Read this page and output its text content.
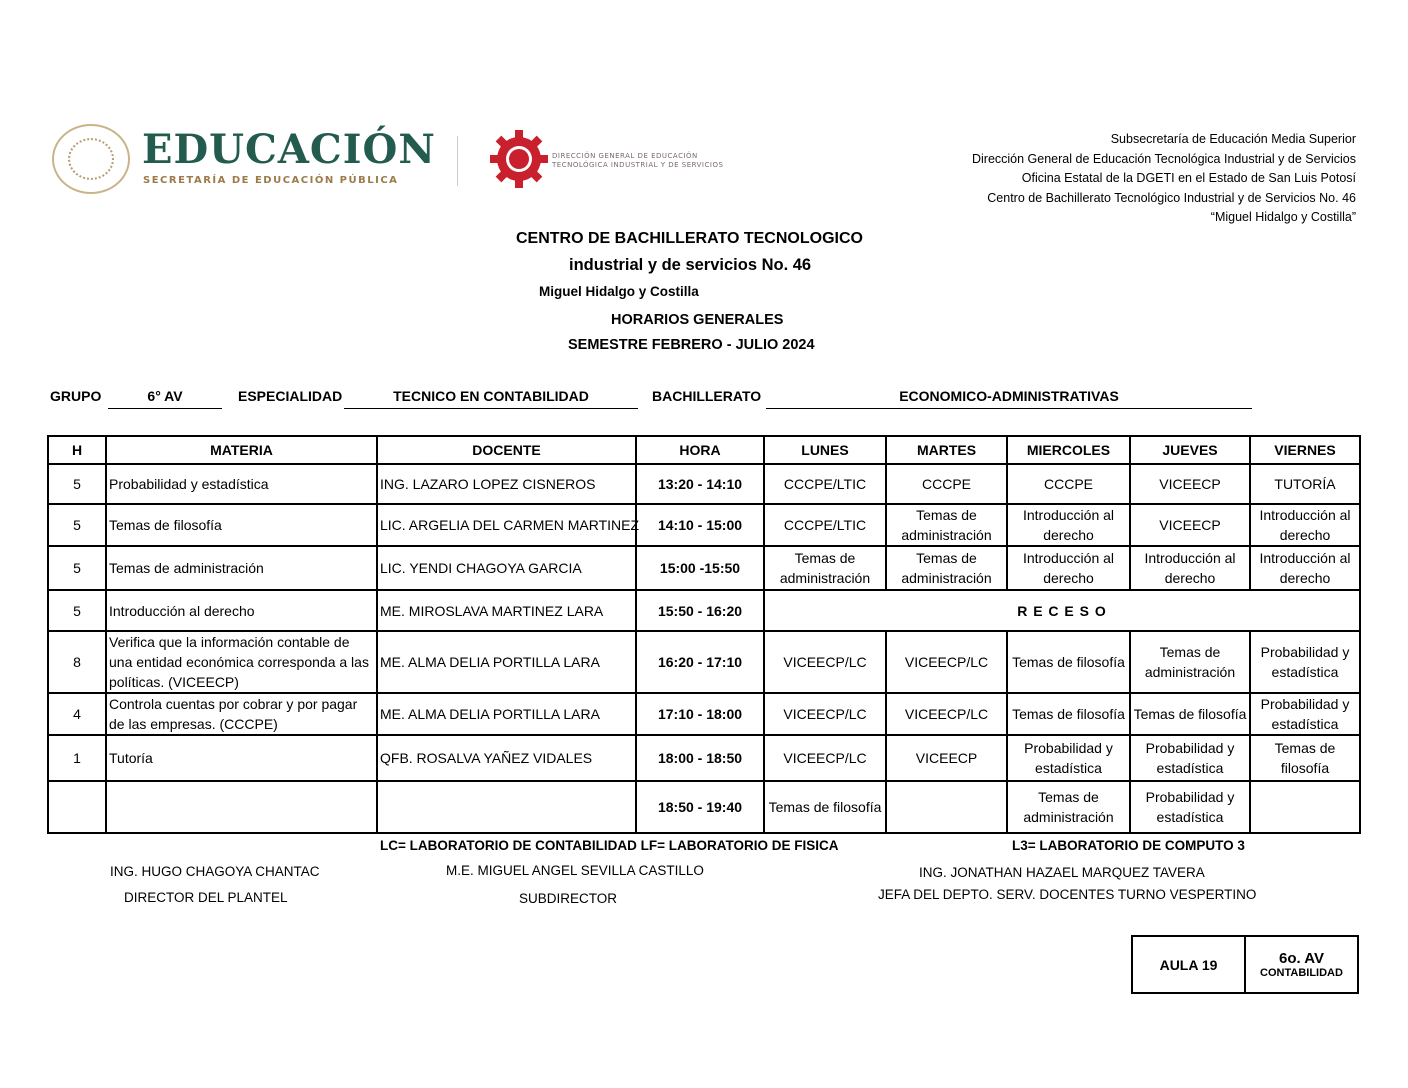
EDUCACIÓN
SECRETARÍA DE EDUCACIÓN PÚBLICA
DIRECCIÓN GENERAL DE EDUCACIÓN
TECNOLÓGICA INDUSTRIAL Y DE SERVICIOS
Subsecretaría de Educación Media Superior
Dirección General de Educación Tecnológica Industrial y de Servicios
Oficina Estatal de la DGETI en el Estado de San Luis Potosí
Centro de Bachillerato Tecnológico Industrial y de Servicios No. 46
“Miguel Hidalgo y Costilla”
CENTRO DE BACHILLERATO TECNOLOGICO
industrial y de servicios No. 46
Miguel Hidalgo y Costilla
HORARIOS GENERALES
SEMESTRE FEBRERO - JULIO 2024
GRUPO	6° AV	ESPECIALIDAD	TECNICO EN CONTABILIDAD	BACHILLERATO	ECONOMICO-ADMINISTRATIVAS
H	MATERIA	DOCENTE	HORA	LUNES	MARTES	MIERCOLES	JUEVES	VIERNES
5	Probabilidad y estadística	ING. LAZARO LOPEZ CISNEROS	13:20 - 14:10	CCCPE/LTIC	CCCPE	CCCPE	VICEECP	TUTORÍA
5	Temas de filosofía	LIC. ARGELIA DEL CARMEN MARTINEZ	14:10 - 15:00	CCCPE/LTIC	Temas de administración	Introducción al derecho	VICEECP	Introducción al derecho
5	Temas de administración	LIC. YENDI CHAGOYA GARCIA	15:00 -15:50	Temas de administración	Temas de administración	Introducción al derecho	Introducción al derecho	Introducción al derecho
5	Introducción al derecho	ME. MIROSLAVA MARTINEZ LARA	15:50 - 16:20	R E C E S O				
8	Verifica que la información contable de una entidad económica corresponda a las políticas. (VICEECP)	ME. ALMA DELIA PORTILLA LARA	16:20 - 17:10	VICEECP/LC	VICEECP/LC	Temas de filosofía	Temas de administración	Probabilidad y estadística
4	Controla cuentas por cobrar y por pagar de las empresas. (CCCPE)	ME. ALMA DELIA PORTILLA LARA	17:10 - 18:00	VICEECP/LC	VICEECP/LC	Temas de filosofía	Temas de filosofía	Probabilidad y estadística
1	Tutoría	QFB. ROSALVA YAÑEZ VIDALES	18:00 - 18:50	VICEECP/LC	VICEECP	Probabilidad y estadística	Probabilidad y estadística	Temas de filosofía
			18:50 - 19:40	Temas de filosofía		Temas de administración	Probabilidad y estadística	
LC= LABORATORIO DE CONTABILIDAD LF= LABORATORIO DE FISICA	L3= LABORATORIO DE COMPUTO 3
ING. HUGO CHAGOYA CHANTAC
DIRECTOR DEL PLANTEL
M.E. MIGUEL ANGEL SEVILLA CASTILLO
SUBDIRECTOR
ING. JONATHAN HAZAEL MARQUEZ TAVERA
JEFA DEL DEPTO. SERV. DOCENTES TURNO VESPERTINO
AULA 19	6o. AV
CONTABILIDAD
